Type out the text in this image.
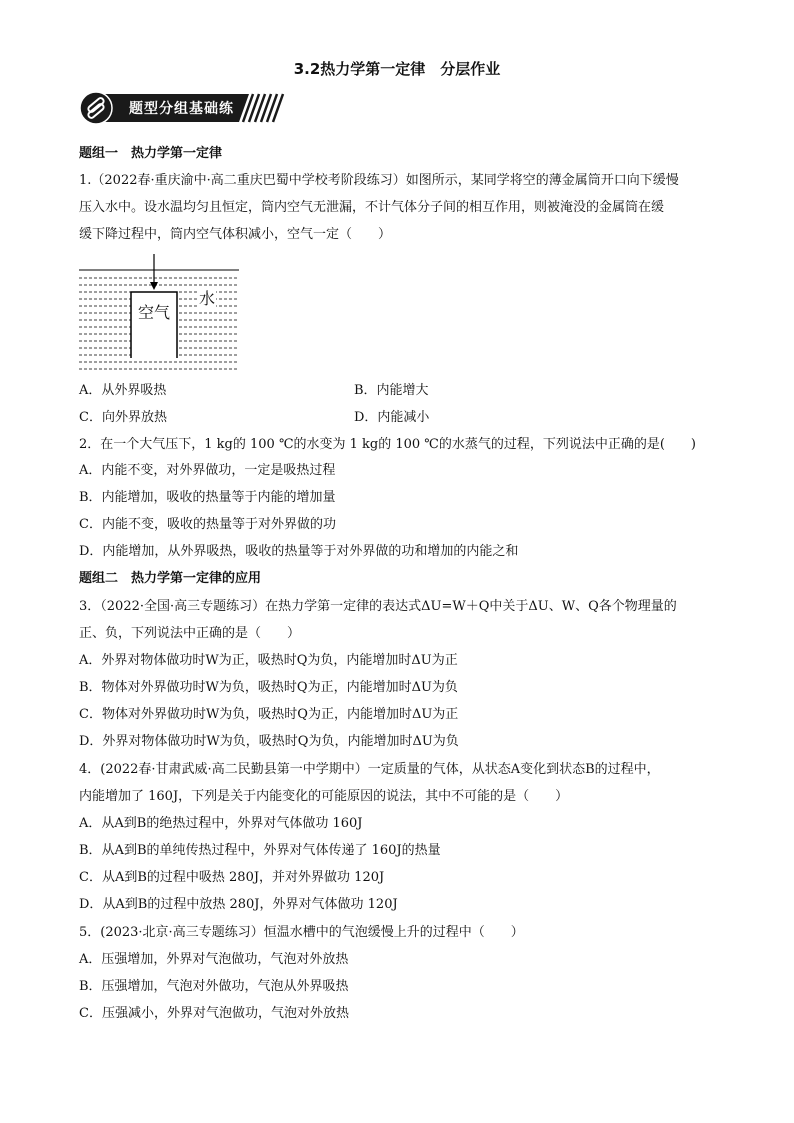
3.2热力学第一定律　分层作业
题型分组基础练
题组一　热力学第一定律
1.（2022春·重庆渝中·高二重庆巴蜀中学校考阶段练习）如图所示，某同学将空的薄金属筒开口向下缓慢
压入水中。设水温均匀且恒定，筒内空气无泄漏，不计气体分子间的相互作用，则被淹没的金属筒在缓
缓下降过程中，筒内空气体积减小，空气一定（　　）
空气
水
A．从外界吸热	B．内能增大
C．向外界放热	D．内能减小
2．在一个大气压下，1 kg的 100 ℃的水变为 1 kg的 100 ℃的水蒸气的过程，下列说法中正确的是(　　)
A．内能不变，对外界做功，一定是吸热过程
B．内能增加，吸收的热量等于内能的增加量
C．内能不变，吸收的热量等于对外界做的功
D．内能增加，从外界吸热，吸收的热量等于对外界做的功和增加的内能之和
题组二　热力学第一定律的应用
3．（2022·全国·高三专题练习）在热力学第一定律的表达式ΔU=W＋Q中关于ΔU、W、Q各个物理量的
正、负，下列说法中正确的是（　　）
A．外界对物体做功时W为正，吸热时Q为负，内能增加时ΔU为正
B．物体对外界做功时W为负，吸热时Q为正，内能增加时ΔU为负
C．物体对外界做功时W为负，吸热时Q为正，内能增加时ΔU为正
D．外界对物体做功时W为负，吸热时Q为负，内能增加时ΔU为负
4．(2022春·甘肃武威·高二民勤县第一中学期中）一定质量的气体，从状态A变化到状态B的过程中，
内能增加了 160J，下列是关于内能变化的可能原因的说法，其中不可能的是（　　）
A．从A到B的绝热过程中，外界对气体做功 160J
B．从A到B的单纯传热过程中，外界对气体传递了 160J的热量
C．从A到B的过程中吸热 280J，并对外界做功 120J
D．从A到B的过程中放热 280J，外界对气体做功 120J
5．(2023·北京·高三专题练习）恒温水槽中的气泡缓慢上升的过程中（　　）
A．压强增加，外界对气泡做功，气泡对外放热
B．压强增加，气泡对外做功，气泡从外界吸热
C．压强减小，外界对气泡做功，气泡对外放热
